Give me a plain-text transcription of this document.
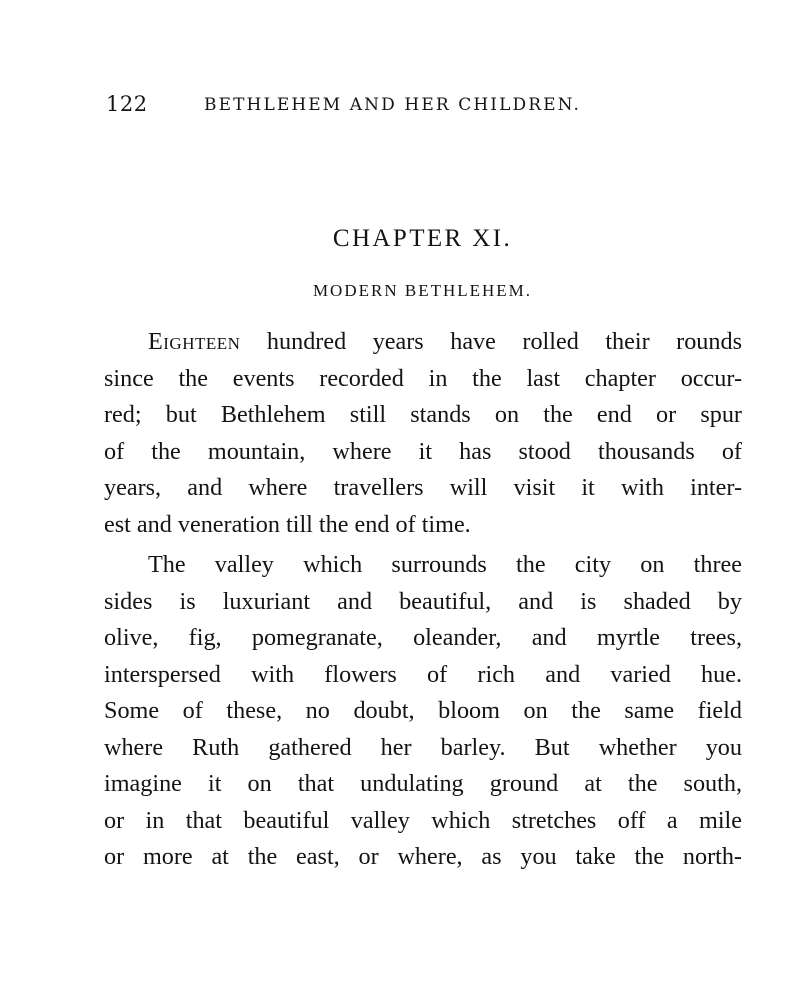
122	BETHLEHEM AND HER CHILDREN.
CHAPTER XI.
MODERN BETHLEHEM.
Eighteen hundred years have rolled their rounds
since the events recorded in the last chapter occur-
red; but Bethlehem still stands on the end or spur
of the mountain, where it has stood thousands of
years, and where travellers will visit it with inter-
est and veneration till the end of time.
The valley which surrounds the city on three
sides is luxuriant and beautiful, and is shaded by
olive, fig, pomegranate, oleander, and myrtle trees,
interspersed with flowers of rich and varied hue.
Some of these, no doubt, bloom on the same field
where Ruth gathered her barley. But whether you
imagine it on that undulating ground at the south,
or in that beautiful valley which stretches off a mile
or more at the east, or where, as you take the north-
